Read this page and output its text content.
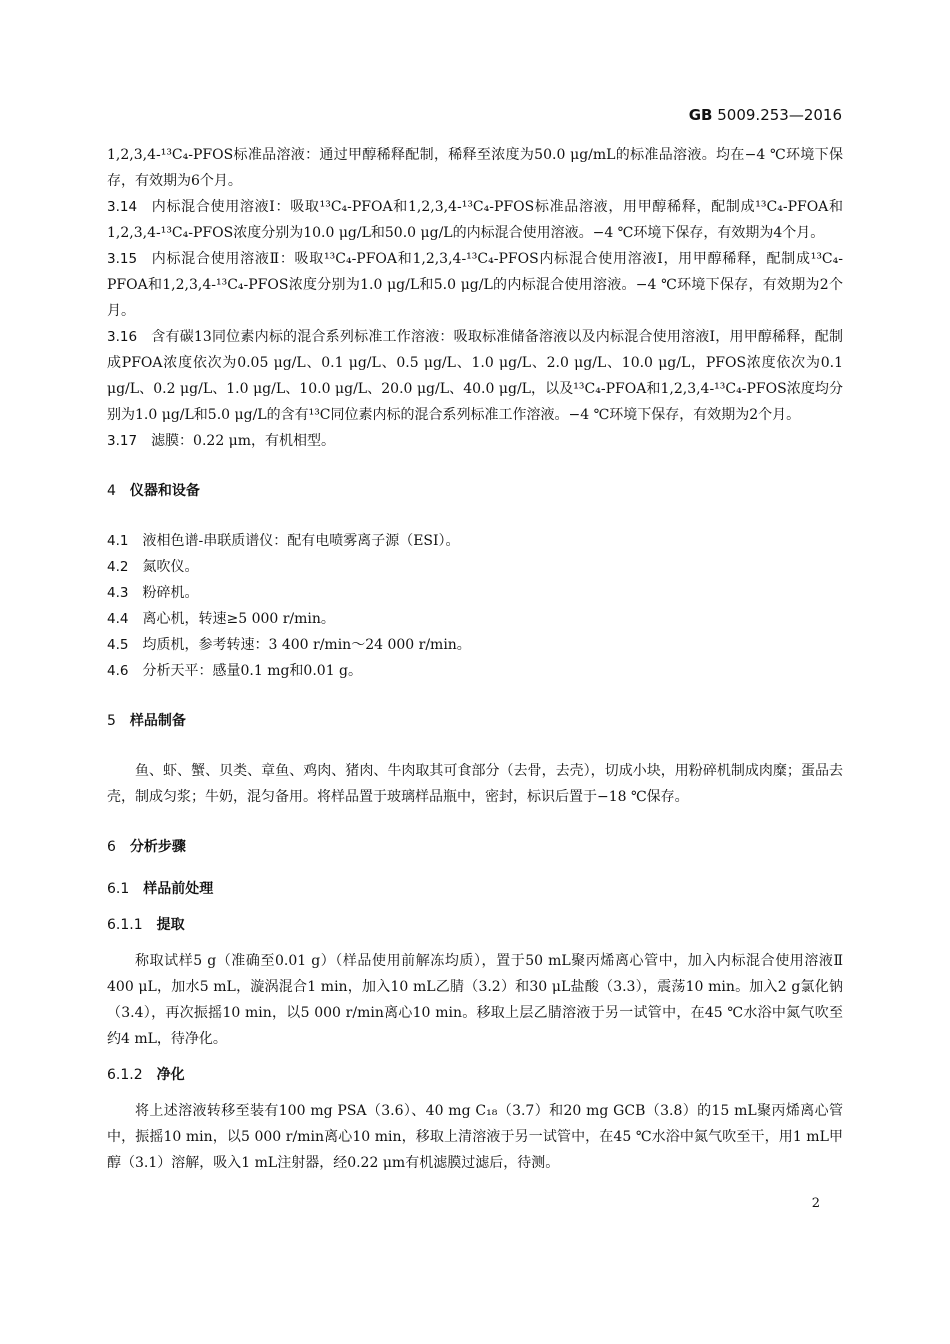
GB 5009.253—2016
1,2,3,4-¹³C₄-PFOS标准品溶液：通过甲醇稀释配制，稀释至浓度为50.0 μg/mL的标准品溶液。均在−4 ℃环境下保存，有效期为6个月。
3.14 内标混合使用溶液Ⅰ：吸取¹³C₄-PFOA和1,2,3,4-¹³C₄-PFOS标准品溶液，用甲醇稀释，配制成¹³C₄-PFOA和1,2,3,4-¹³C₄-PFOS浓度分别为10.0 μg/L和50.0 μg/L的内标混合使用溶液。−4 ℃环境下保存，有效期为4个月。
3.15 内标混合使用溶液Ⅱ：吸取¹³C₄-PFOA和1,2,3,4-¹³C₄-PFOS内标混合使用溶液Ⅰ，用甲醇稀释，配制成¹³C₄-PFOA和1,2,3,4-¹³C₄-PFOS浓度分别为1.0 μg/L和5.0 μg/L的内标混合使用溶液。−4 ℃环境下保存，有效期为2个月。
3.16 含有碳13同位素内标的混合系列标准工作溶液：吸取标准储备溶液以及内标混合使用溶液Ⅰ，用甲醇稀释，配制成PFOA浓度依次为0.05 μg/L、0.1 μg/L、0.5 μg/L、1.0 μg/L、2.0 μg/L、10.0 μg/L，PFOS浓度依次为0.1 μg/L、0.2 μg/L、1.0 μg/L、10.0 μg/L、20.0 μg/L、40.0 μg/L，以及¹³C₄-PFOA和1,2,3,4-¹³C₄-PFOS浓度均分别为1.0 μg/L和5.0 μg/L的含有¹³C同位素内标的混合系列标准工作溶液。−4 ℃环境下保存，有效期为2个月。
3.17 滤膜：0.22 μm，有机相型。
4 仪器和设备
4.1 液相色谱-串联质谱仪：配有电喷雾离子源（ESI）。
4.2 氮吹仪。
4.3 粉碎机。
4.4 离心机，转速≥5 000 r/min。
4.5 均质机，参考转速：3 400 r/min～24 000 r/min。
4.6 分析天平：感量0.1 mg和0.01 g。
5 样品制备
鱼、虾、蟹、贝类、章鱼、鸡肉、猪肉、牛肉取其可食部分（去骨，去壳），切成小块，用粉碎机制成肉糜；蛋品去壳，制成匀浆；牛奶，混匀备用。将样品置于玻璃样品瓶中，密封，标识后置于−18 ℃保存。
6 分析步骤
6.1 样品前处理
6.1.1 提取
称取试样5 g（准确至0.01 g）（样品使用前解冻均质），置于50 mL聚丙烯离心管中，加入内标混合使用溶液Ⅱ 400 μL，加水5 mL，漩涡混合1 min，加入10 mL乙腈（3.2）和30 μL盐酸（3.3），震荡10 min。加入2 g氯化钠（3.4），再次振摇10 min，以5 000 r/min离心10 min。移取上层乙腈溶液于另一试管中，在45 ℃水浴中氮气吹至约4 mL，待净化。
6.1.2 净化
将上述溶液转移至装有100 mg PSA（3.6）、40 mg C₁₈（3.7）和20 mg GCB（3.8）的15 mL聚丙烯离心管中，振摇10 min，以5 000 r/min离心10 min，移取上清溶液于另一试管中，在45 ℃水浴中氮气吹至干，用1 mL甲醇（3.1）溶解，吸入1 mL注射器，经0.22 μm有机滤膜过滤后，待测。
2
